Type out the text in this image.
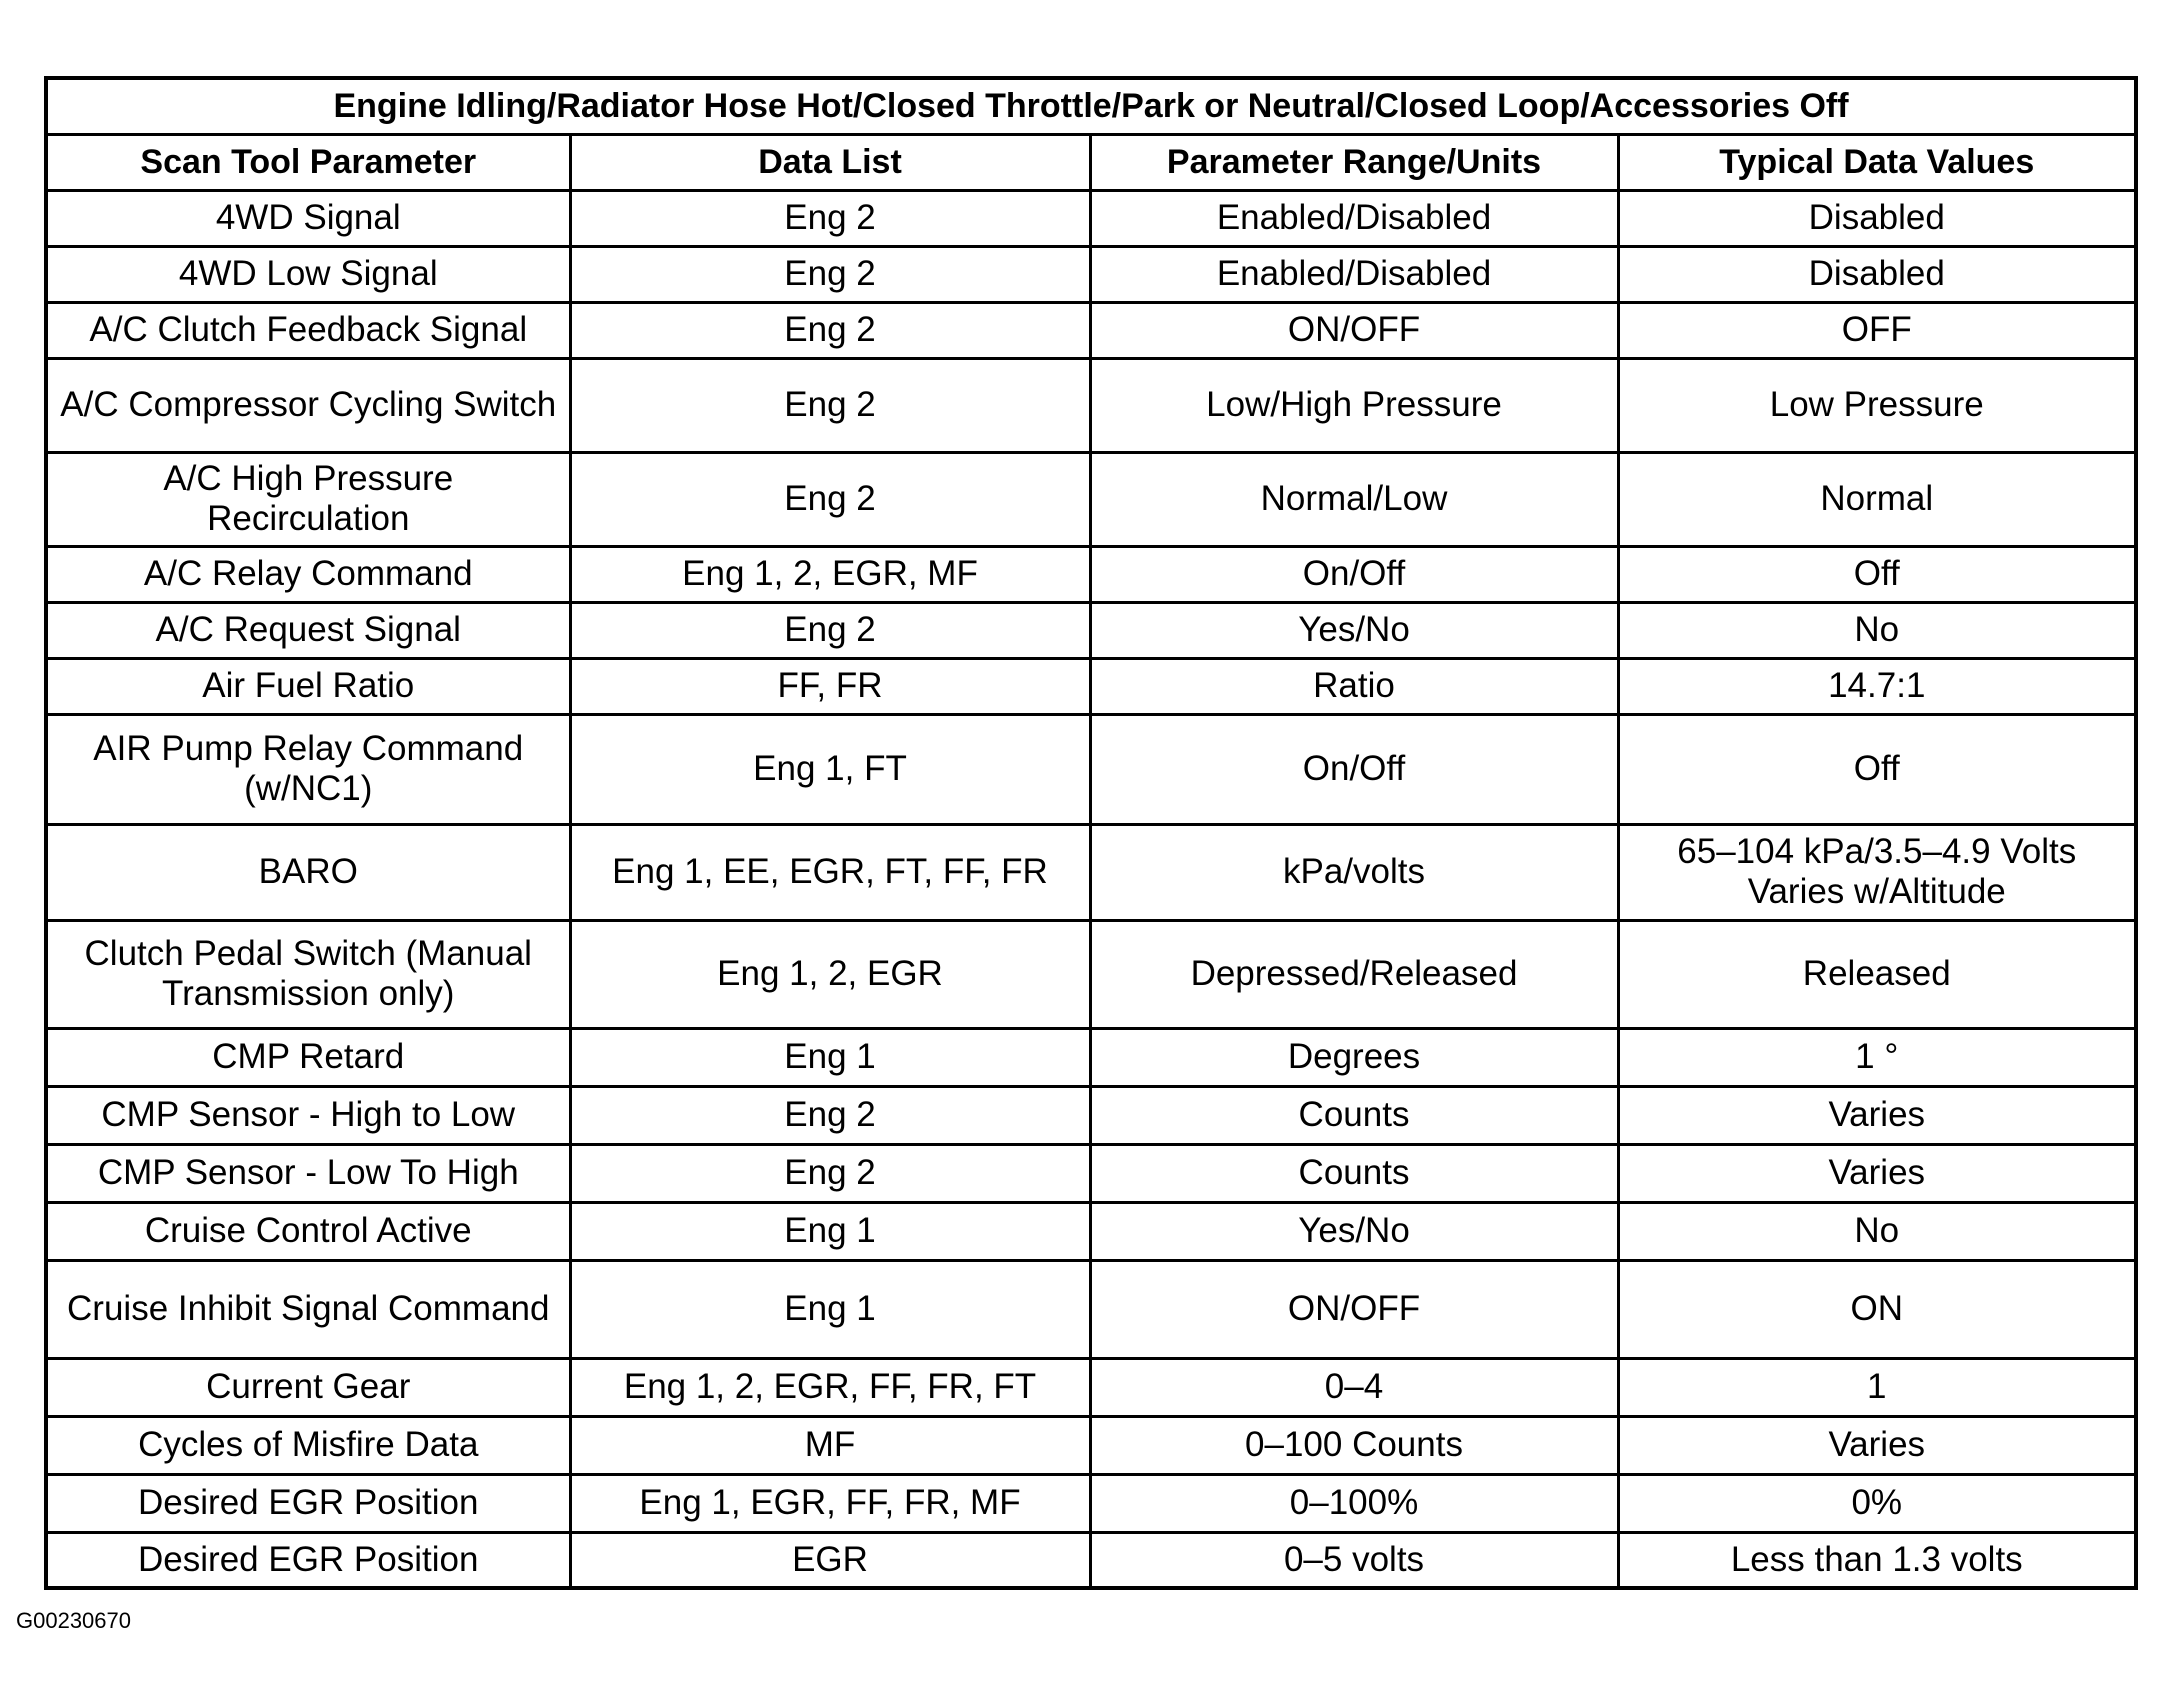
Engine Idling/Radiator Hose Hot/Closed Throttle/Park or Neutral/Closed Loop/Accessories Off			
Scan Tool Parameter	Data List	Parameter Range/Units	Typical Data Values
4WD Signal	Eng 2	Enabled/Disabled	Disabled
4WD Low Signal	Eng 2	Enabled/Disabled	Disabled
A/C Clutch Feedback Signal	Eng 2	ON/OFF	OFF
A/C Compressor Cycling Switch	Eng 2	Low/High Pressure	Low Pressure
A/C High Pressure Recirculation	Eng 2	Normal/Low	Normal
A/C Relay Command	Eng 1, 2, EGR, MF	On/Off	Off
A/C Request Signal	Eng 2	Yes/No	No
Air Fuel Ratio	FF, FR	Ratio	14.7:1
AIR Pump Relay Command (w/NC1)	Eng 1, FT	On/Off	Off
BARO	Eng 1, EE, EGR, FT, FF, FR	kPa/volts	65–104 kPa/3.5–4.9 Volts Varies w/Altitude
Clutch Pedal Switch (Manual Transmission only)	Eng 1, 2, EGR	Depressed/Released	Released
CMP Retard	Eng 1	Degrees	1 °
CMP Sensor - High to Low	Eng 2	Counts	Varies
CMP Sensor - Low To High	Eng 2	Counts	Varies
Cruise Control Active	Eng 1	Yes/No	No
Cruise Inhibit Signal Command	Eng 1	ON/OFF	ON
Current Gear	Eng 1, 2, EGR, FF, FR, FT	0–4	1
Cycles of Misfire Data	MF	0–100 Counts	Varies
Desired EGR Position	Eng 1, EGR, FF, FR, MF	0–100%	0%
Desired EGR Position	EGR	0–5 volts	Less than 1.3 volts
G00230670
